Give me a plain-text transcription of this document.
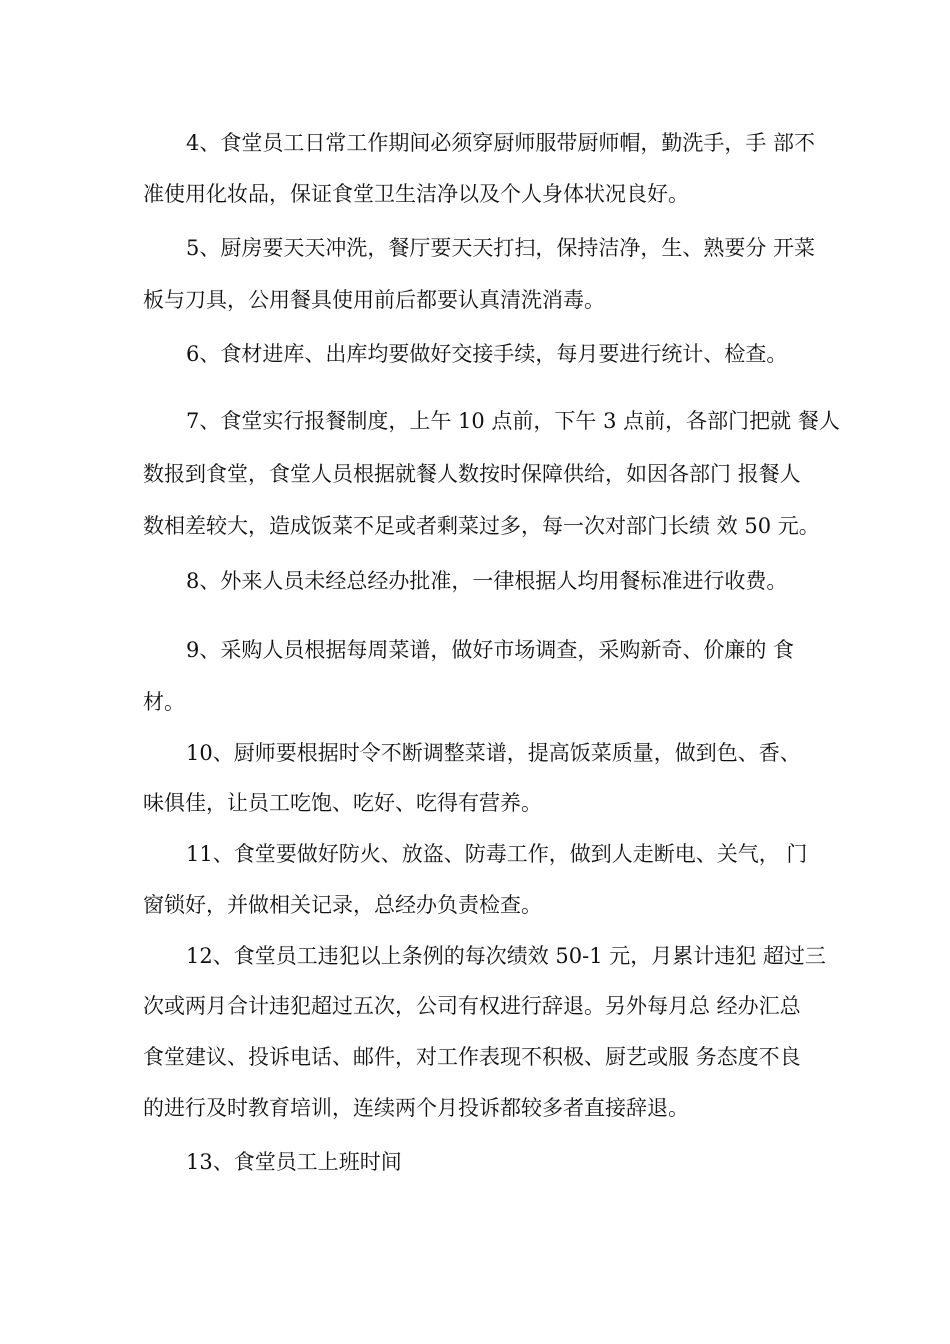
4、食堂员工日常工作期间必须穿厨师服带厨师帽，勤洗手，手 部不
准使用化妆品，保证食堂卫生洁净以及个人身体状况良好。
5、厨房要天天冲洗，餐厅要天天打扫，保持洁净，生、熟要分 开菜
板与刀具，公用餐具使用前后都要认真清洗消毒。
6、食材进库、出库均要做好交接手续，每月要进行统计、检查。
7、食堂实行报餐制度，上午 10 点前，下午 3 点前，各部门把就 餐人
数报到食堂，食堂人员根据就餐人数按时保障供给，如因各部门 报餐人
数相差较大，造成饭菜不足或者剩菜过多，每一次对部门长绩 效 50 元。
8、外来人员未经总经办批准，一律根据人均用餐标准进行收费。
9、采购人员根据每周菜谱，做好市场调查，采购新奇、价廉的 食
材。
10、厨师要根据时令不断调整菜谱，提高饭菜质量，做到色、香、
味俱佳，让员工吃饱、吃好、吃得有营养。
11、食堂要做好防火、放盗、防毒工作，做到人走断电、关气， 门
窗锁好，并做相关记录，总经办负责检查。
12、食堂员工违犯以上条例的每次绩效 50-1 元，月累计违犯 超过三
次或两月合计违犯超过五次，公司有权进行辞退。另外每月总 经办汇总
食堂建议、投诉电话、邮件，对工作表现不积极、厨艺或服 务态度不良
的进行及时教育培训，连续两个月投诉都较多者直接辞退。
13、食堂员工上班时间
